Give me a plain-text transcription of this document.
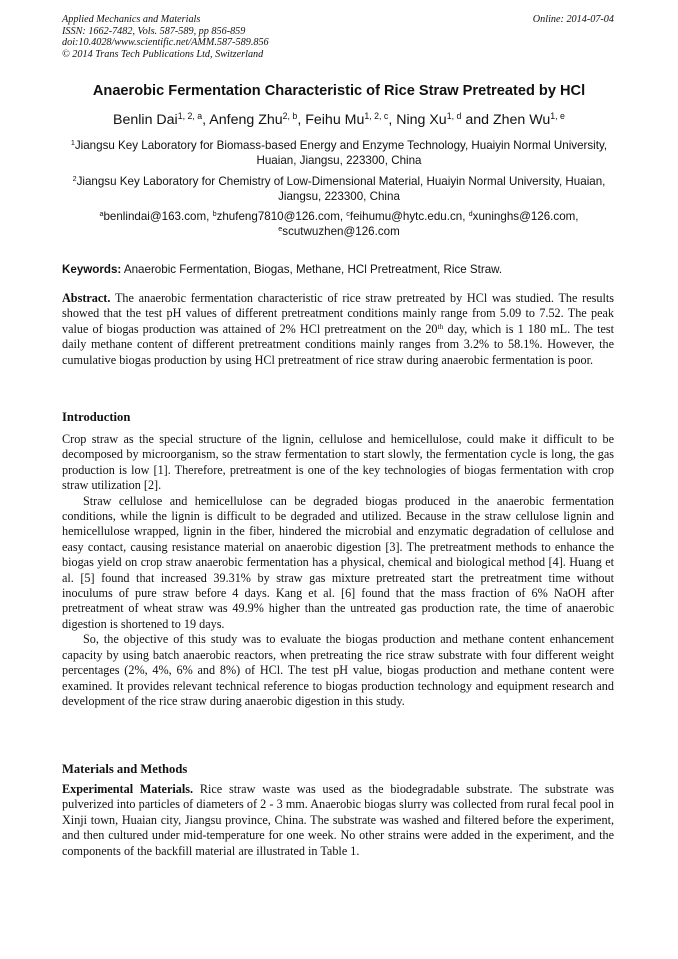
Applied Mechanics and Materials
ISSN: 1662-7482, Vols. 587-589, pp 856-859
doi:10.4028/www.scientific.net/AMM.587-589.856
© 2014 Trans Tech Publications Ltd, Switzerland
Online: 2014-07-04
Anaerobic Fermentation Characteristic of Rice Straw Pretreated by HCl
Benlin Dai$^{1, 2, a}$, Anfeng Zhu$^{2, b}$, Feihu Mu$^{1, 2, c}$, Ning Xu$^{1, d}$ and Zhen Wu$^{1, e}$
$^1$Jiangsu Key Laboratory for Biomass-based Energy and Enzyme Technology, Huaiyin Normal University, Huaian, Jiangsu, 223300, China
$^2$Jiangsu Key Laboratory for Chemistry of Low-Dimensional Material, Huaiyin Normal University, Huaian, Jiangsu, 223300, China
$^a$benlindai@163.com, $^b$zhufeng7810@126.com, $^c$feihumu@hytc.edu.cn, $^d$xuninghs@126.com,
$^e$scutwuzhen@126.com
Keywords: Anaerobic Fermentation, Biogas, Methane, HCl Pretreatment, Rice Straw.

Abstract. The anaerobic fermentation characteristic of rice straw pretreated by HCl was studied. The results showed that the test pH values of different pretreatment conditions mainly range from 5.09 to 7.52. The peak value of biogas production was attained of 2% HCl pretreatment on the 20th day, which is 1 180 mL. The test daily methane content of different pretreatment conditions mainly ranges from 3.2% to 58.1%. However, the cumulative biogas production by using HCl pretreatment of rice straw during anaerobic fermentation is poor.

Introduction

Crop straw as the special structure of the lignin, cellulose and hemicellulose, could make it difficult to be decomposed by microorganism, so the straw fermentation to start slowly, the fermentation cycle is long, the gas production is low [1]. Therefore, pretreatment is one of the key technologies of biogas fermentation with crop straw utilization [2].

Straw cellulose and hemicellulose can be degraded biogas produced in the anaerobic fermentation conditions, while the lignin is difficult to be degraded and utilized. Because in the straw cellulose lignin and hemicellulose wrapped, lignin in the fiber, hindered the microbial and enzymatic degradation of cellulose and easy contact, causing resistance material on anaerobic digestion [3]. The pretreatment methods to enhance the biogas yield on crop straw anaerobic fermentation has a physical, chemical and biological method [4]. Huang et al. [5] found that increased 39.31% by straw gas mixture pretreated start the pretreatment time without inoculums of pure straw before 4 days. Kang et al. [6] found that the mass fraction of 6% NaOH after pretreatment of wheat straw was 49.9% higher than the untreated gas production rate, the time of anaerobic digestion is shortened to 19 days.

So, the objective of this study was to evaluate the biogas production and methane content enhancement capacity by using batch anaerobic reactors, when pretreating the rice straw substrate with four different weight percentages (2%, 4%, 6% and 8%) of HCl. The test pH value, biogas production and methane content were examined. It provides relevant technical reference to biogas production technology and equipment research and development of the rice straw during anaerobic digestion in this study.

Materials and Methods

Experimental Materials. Rice straw waste was used as the biodegradable substrate. The substrate was pulverized into particles of diameters of 2 - 3 mm. Anaerobic biogas slurry was collected from rural fecal pool in Xinji town, Huaian city, Jiangsu province, China. The substrate was washed and filtered before the experiment, and then cultured under mid-temperature for one week. No other strains were added in the experiment, and the components of the backfill material are illustrated in Table 1.
